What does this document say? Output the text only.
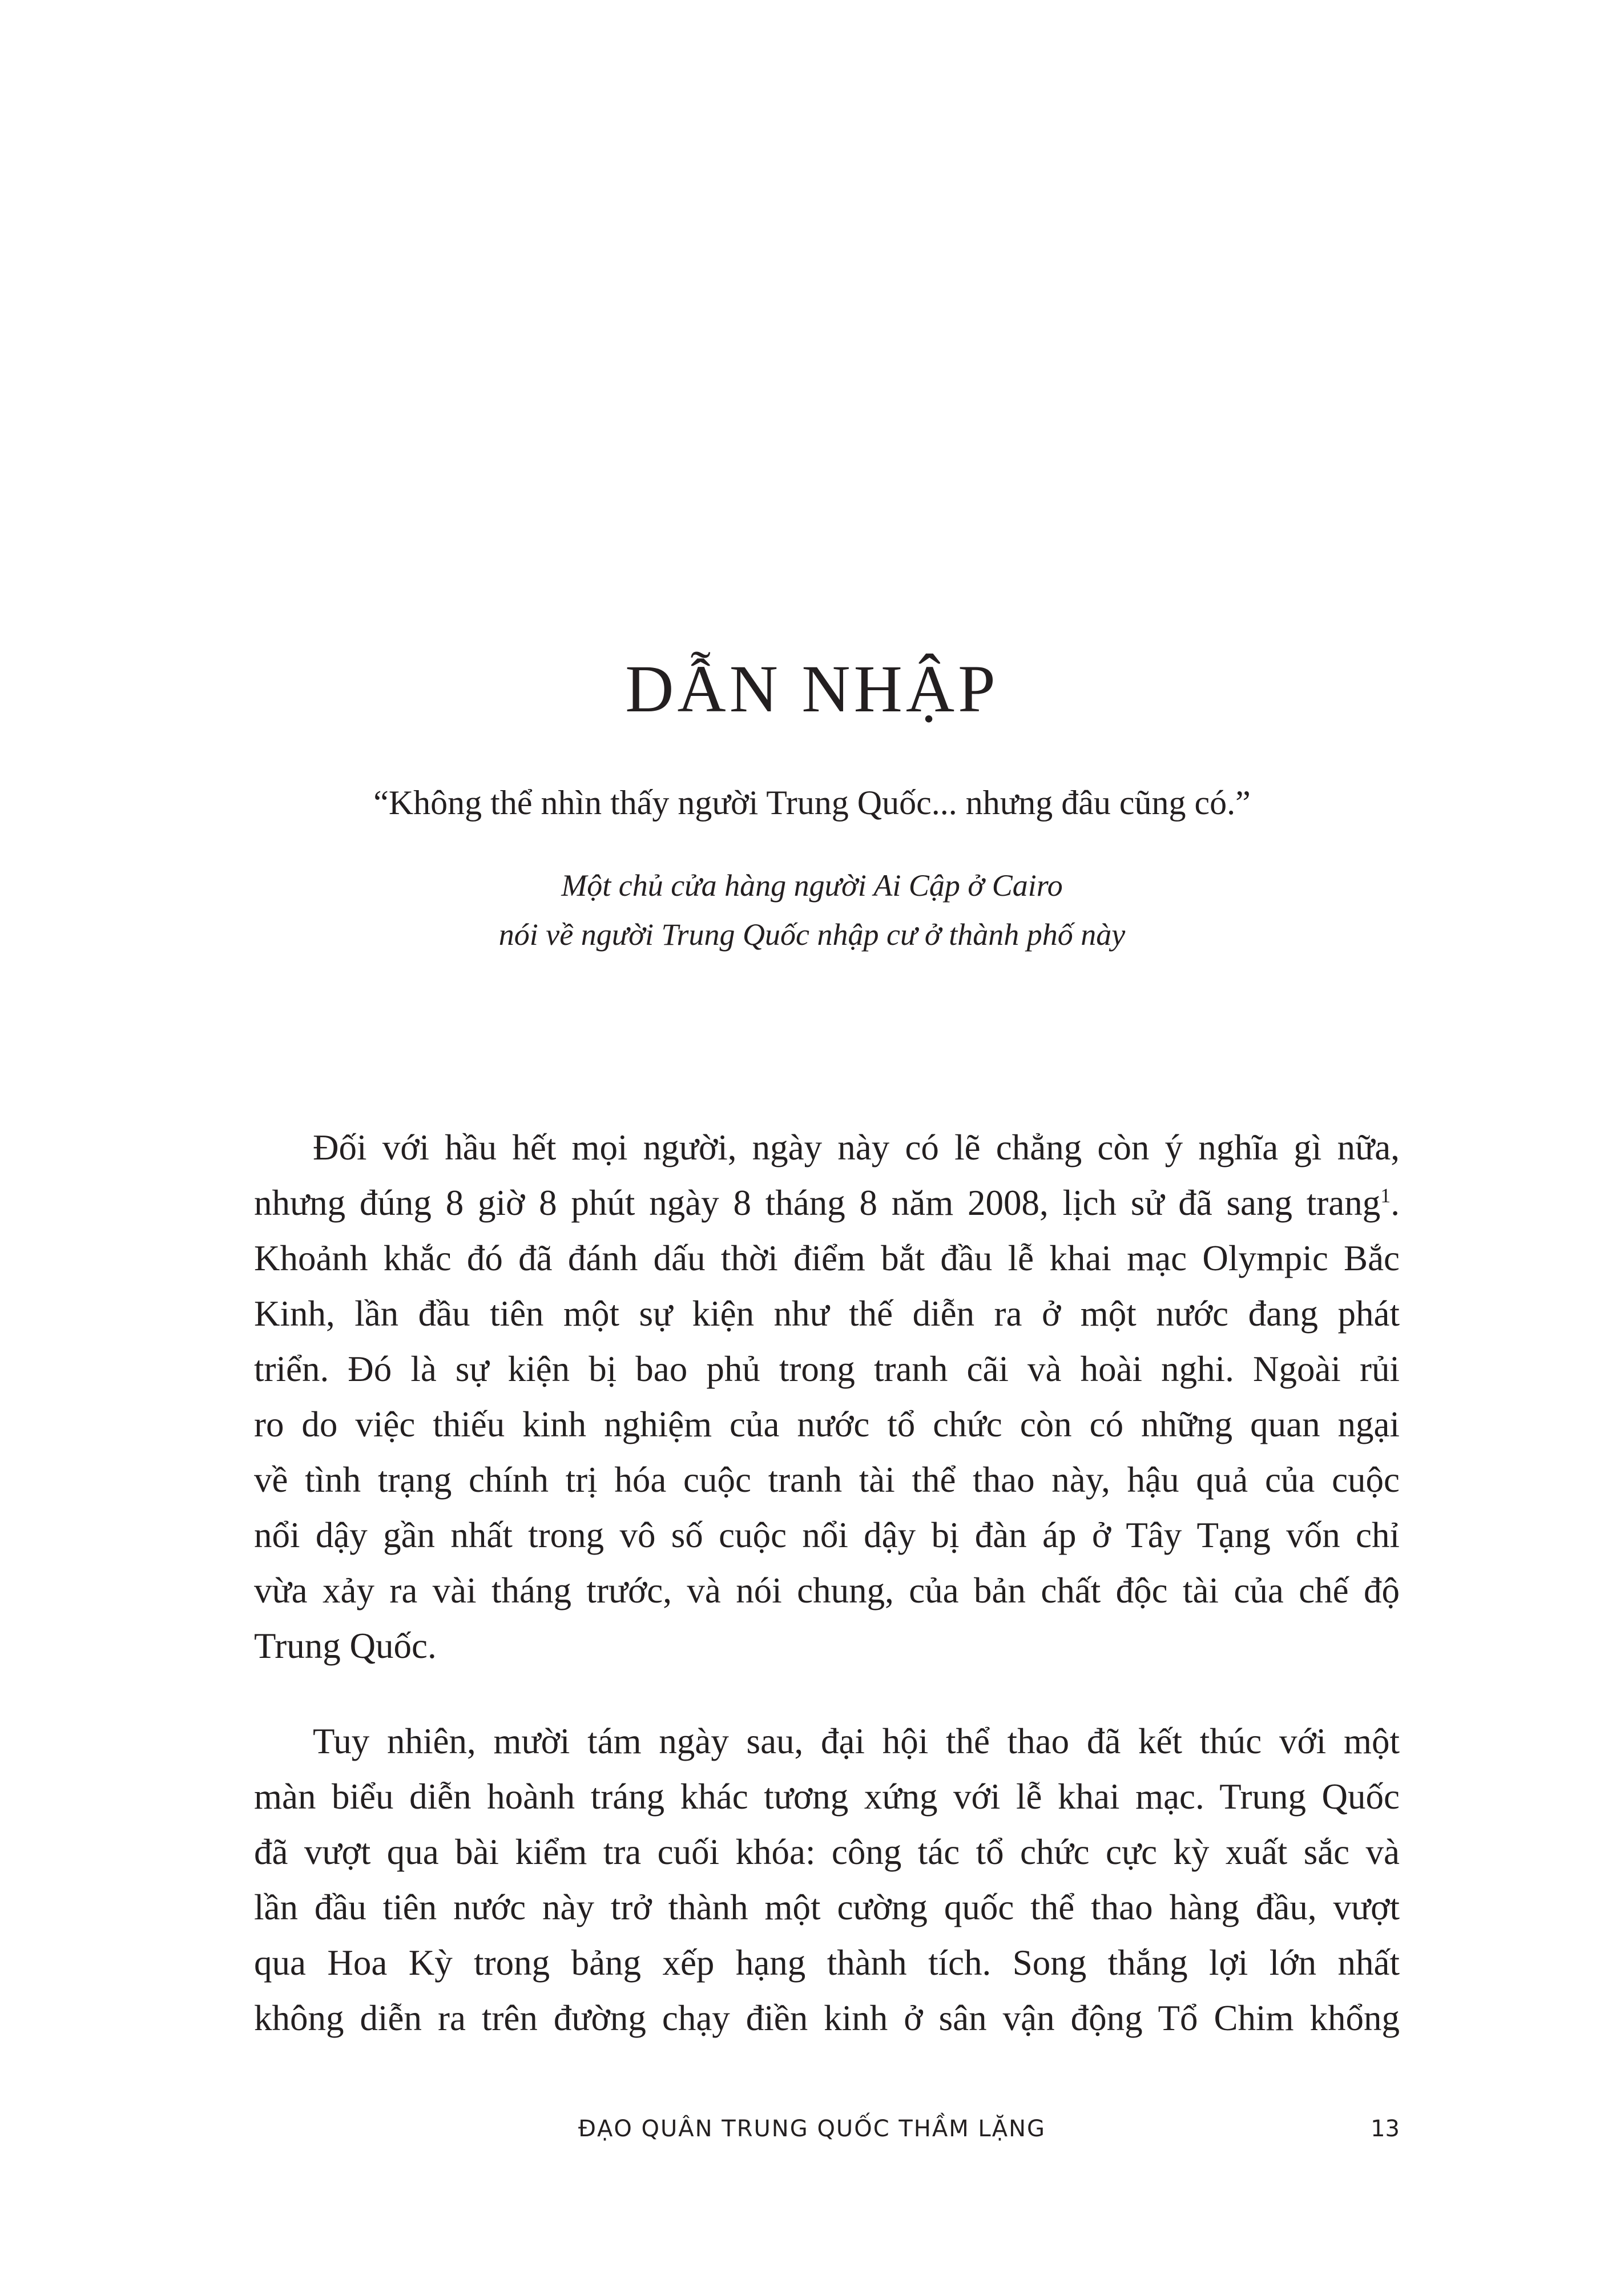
DẪN NHẬP
“Không thể nhìn thấy người Trung Quốc... nhưng đâu cũng có.”
Một chủ cửa hàng người Ai Cập ở Cairo
nói về người Trung Quốc nhập cư ở thành phố này
Đối với hầu hết mọi người, ngày này có lẽ chẳng còn ý nghĩa gì nữa,
nhưng đúng 8 giờ 8 phút ngày 8 tháng 8 năm 2008, lịch sử đã sang trang$^1$.
Khoảnh khắc đó đã đánh dấu thời điểm bắt đầu lễ khai mạc Olympic Bắc
Kinh, lần đầu tiên một sự kiện như thế diễn ra ở một nước đang phát
triển. Đó là sự kiện bị bao phủ trong tranh cãi và hoài nghi. Ngoài rủi
ro do việc thiếu kinh nghiệm của nước tổ chức còn có những quan ngại
về tình trạng chính trị hóa cuộc tranh tài thể thao này, hậu quả của cuộc
nổi dậy gần nhất trong vô số cuộc nổi dậy bị đàn áp ở Tây Tạng vốn chỉ
vừa xảy ra vài tháng trước, và nói chung, của bản chất độc tài của chế độ
Trung Quốc.
Tuy nhiên, mười tám ngày sau, đại hội thể thao đã kết thúc với một
màn biểu diễn hoành tráng khác tương xứng với lễ khai mạc. Trung Quốc
đã vượt qua bài kiểm tra cuối khóa: công tác tổ chức cực kỳ xuất sắc và
lần đầu tiên nước này trở thành một cường quốc thể thao hàng đầu, vượt
qua Hoa Kỳ trong bảng xếp hạng thành tích. Song thắng lợi lớn nhất
không diễn ra trên đường chạy điền kinh ở sân vận động Tổ Chim khổng
ĐẠO QUÂN TRUNG QUỐC THẦM LẶNG	13
